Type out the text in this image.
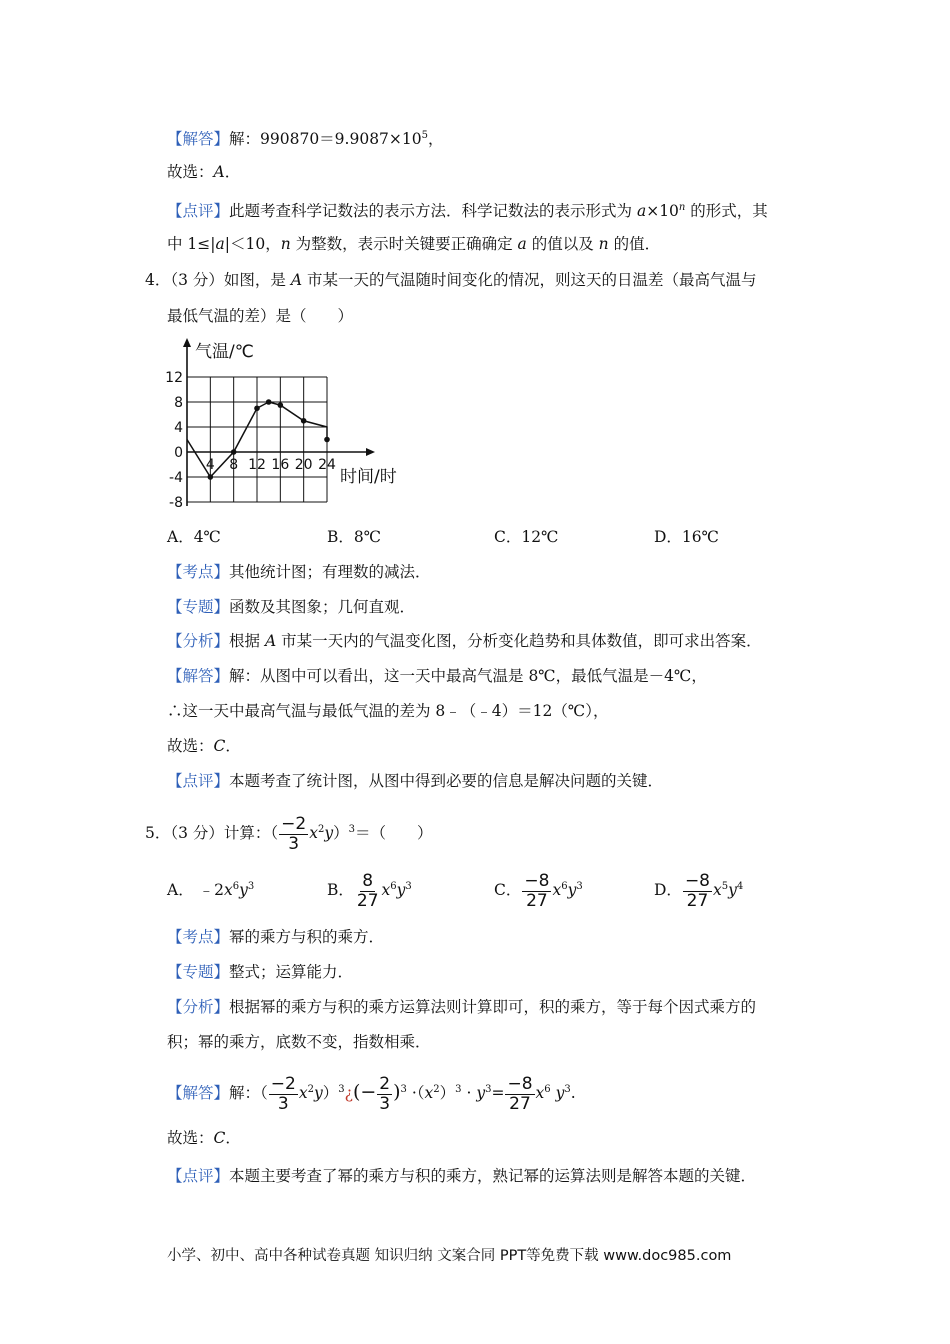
【解答】解：$990870=9.9087\times 10^5$，
故选：A．
【点评】此题考查科学记数法的表示方法．科学记数法的表示形式为 $a\times 10^n$ 的形式，其
中 1≤|a|＜10，n 为整数，表示时关键要正确确定 a 的值以及 n 的值．
4．（3 分）如图，是 A 市某一天的气温随时间变化的情况，则这天的日温差（最高气温与
最低气温的差）是（　　）
12
8
4
0
-4
-8
4 8 12 16 20 24
气温/℃
时间/时
A．4℃	B．8℃	C．12℃	D．16℃
【考点】其他统计图；有理数的减法．
【专题】函数及其图象；几何直观．
【分析】根据 A 市某一天内的气温变化图，分析变化趋势和具体数值，即可求出答案．
【解答】解：从图中可以看出，这一天中最高气温是 8℃，最低气温是－4℃，
∴这一天中最高气温与最低气温的差为 8﹣（﹣4）＝12（℃），
故选：C．
【点评】本题考查了统计图，从图中得到必要的信息是解决问题的关键．
5．（3 分）计算：（ $\frac{-2}{3} x^2y)^3=$（　　）
A． $﹣2x^6y^3$	B． $\frac{8}{27} x^6y^3$	C． $\frac{-8}{27} x^6y^3$	D． $\frac{-8}{27} x^5y^4$
【考点】幂的乘方与积的乘方．
【专题】整式；运算能力．
【分析】根据幂的乘方与积的乘方运算法则计算即可，积的乘方，等于每个因式乘方的
积；幂的乘方，底数不变，指数相乘．
【解答】解：（ $\frac{-2}{3}$ $x^2y)^3¿(- \frac{2}{3} )^3 \cdot(x^2)^3 \cdot y^3= \frac{-8}{27} x^6$ $y^3$.
故选：C．
【点评】本题主要考查了幂的乘方与积的乘方，熟记幂的运算法则是解答本题的关键．
小学、初中、高中各种试卷真题 知识归纳 文案合同 PPT等免费下载 www.doc985.com
